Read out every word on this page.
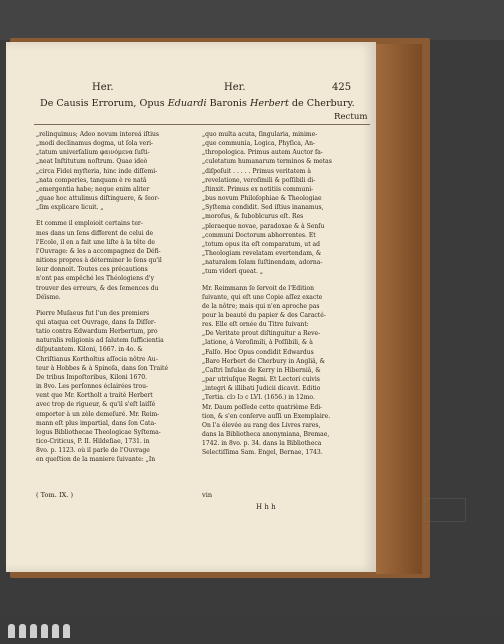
Her.	Her.	425
De Causis Errorum, Opus Eduardi Baronis Herbert de Cherbury.
Rectum
„relinquimus; Adeo novum intereá iſtius
„modi declinamus dogma, ut ſola veri-
„tatum univerſalium φαινόμενα ſuſti-
„neat Inſtitutum noſtrum. Quae ideò
„circa Fidei myſteria, hinc inde diſſemi-
„nata comperies, tanquam è re natâ
„emergentia habe; neque enim aliter
„quae hoc attulimus diſtinguere, & ſeor-
„ſim explicare licuit. „
Et comme il emploioit certains ter-
mes dans un ſens different de celui de
l'Ecole, il en a fait une liſte à la tête de
l'Ouvrage: & les a accompagnez de Défi-
nitions propres à déterminer le ſens qu'il
leur donnoit. Toutes ces précautions
n'ont pas empêché les Théologiens d'y
trouver des erreurs, & des ſemences du
Déïsme.
Pierre Muſaeus fut l'un des premiers
qui ataqua cet Ouvrage, dans ſa Diſſer-
tatio contra Edwardum Herbertum, pro
naturalis religionis ad ſalutem ſufficientia
diſputantem. Kiloni, 1667. in 4o. &
Chriſtianus Kortholtus aſſocia nôtre Au-
teur à Hobbes & à Spinoſa, dans ſon Traité
De tribus Impoſtoribus, Kiloni 1670.
in 8vo. Les perſonnes éclairées trou-
vent que Mr. Kortholt a traité Herbert
avec trop de rigueur, & qu'il s'eſt laiſſé
emporter à un zèle demeſuré. Mr. Reim-
mann eſt plus impartial, dans ſon Cata-
logus Bibliothecae Theologicae Syſtema-
tico-Criticus, P. II. Hildeſiae, 1731. in
8vo. p. 1123. où il parle de l'Ouvrage
en queſtion de la maniere ſuivante: „In
„quo multa acuta, ſingularia, minime-
„que communia, Logica, Phyſica, An-
„thropologica. Primus autem Auctor fa-
„culetatum humanarum terminos & metas
„diſpoſuit . . . . . Primus veritatem à
„revelatione, veroſimili & poſſibili di-
„ſtinxit. Primus ex notitiis communi-
„bus novum Philoſophiae & Theologiae
„Syſtema condidit. Sed iſtius inanamus,
„moroſus, & ſuboblcurus eſt. Res
„pleraeque novae, paradoxae & à Senſu
„communi Doctorum abhorrentes. Et
„totum opus ita eſt comparatum, ut ad
„Theologiam revelatam evertendam, &
„naturalem ſolam ſuſtinendam, adorna-
„tum videri queat. „
Mr. Reimmann ſe ſervoit de l'Edition
ſuivante, qui eſt une Copie aſſez exacte
de la nôtre; mais qui n'en aproche pas
pour la beauté du papier & des Caracté-
res. Elle eſt ornée du Titre ſuivant:
„De Veritate prout diſtinguitur a Reve-
„latione, à Veroſimili, à Poſſibili, & à
„Falſo. Hoc Opus condidit Edwardus
„Baro Herbert de Cherbury in Angliâ, &
„Caſtri Inſulae de Kerry in Hiberniâ, &
„par utriuſque Regni. Et Lectori cuivis
„integri & illibati Judicii dicavit. Editio
„Tertia. clↄ Iↄ c LVI. (1656.) in 12mo.
Mr. Daum poſſede cette quatrième Edi-
tion, & s'en conſerve auſſi un Exemplaire.
On l'a élevée au rang des Livres rares,
dans la Bibliotheca anonymiana, Bremae,
1742. in 8vo. p. 34. dans la Bibliotheca
Selectiſſima Sam. Engel, Bernae, 1743.
( Tom. IX. )	vin
H h h
